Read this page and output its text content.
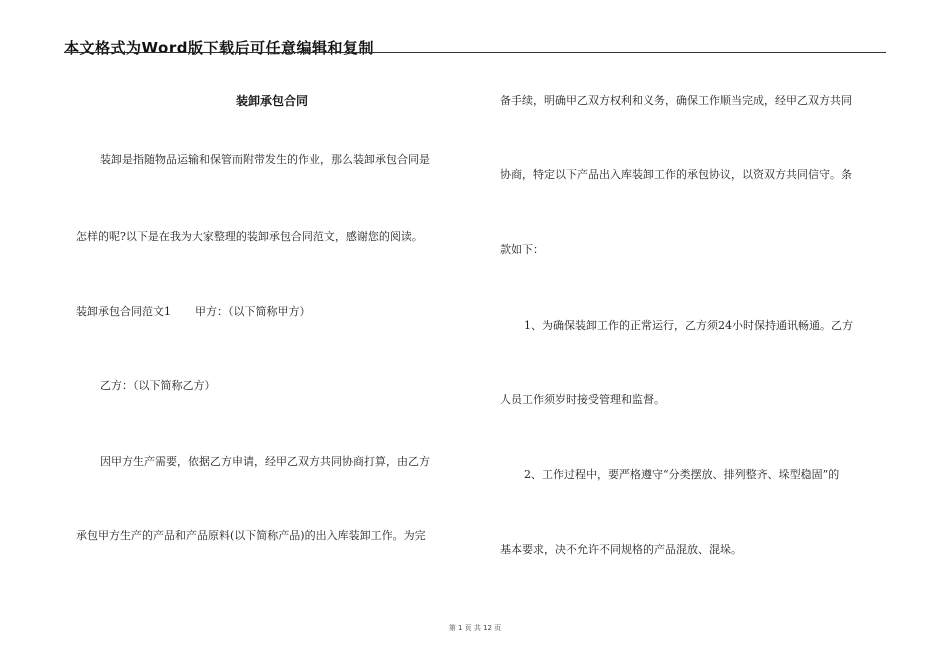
本文格式为Word版下载后可任意编辑和复制
装卸承包合同
装卸是指随物品运输和保管而附带发生的作业，那么装卸承包合同是
怎样的呢?以下是在我为大家整理的装卸承包合同范文，感谢您的阅读。
装卸承包合同范文1 甲方：（以下简称甲方）
乙方：（以下简称乙方）
因甲方生产需要，依据乙方申请，经甲乙双方共同协商打算，由乙方
承包甲方生产的产品和产品原料(以下简称产品)的出入库装卸工作。为完
备手续，明确甲乙双方权利和义务，确保工作顺当完成，经甲乙双方共同
协商，特定以下产品出入库装卸工作的承包协议，以资双方共同信守。条
款如下：
1、为确保装卸工作的正常运行，乙方须24小时保持通讯畅通。乙方
人员工作须岁时接受管理和监督。
2、工作过程中，要严格遵守“分类摆放、排列整齐、垛型稳固”的
基本要求，决不允许不同规格的产品混放、混垛。
第 1 页 共 12 页
